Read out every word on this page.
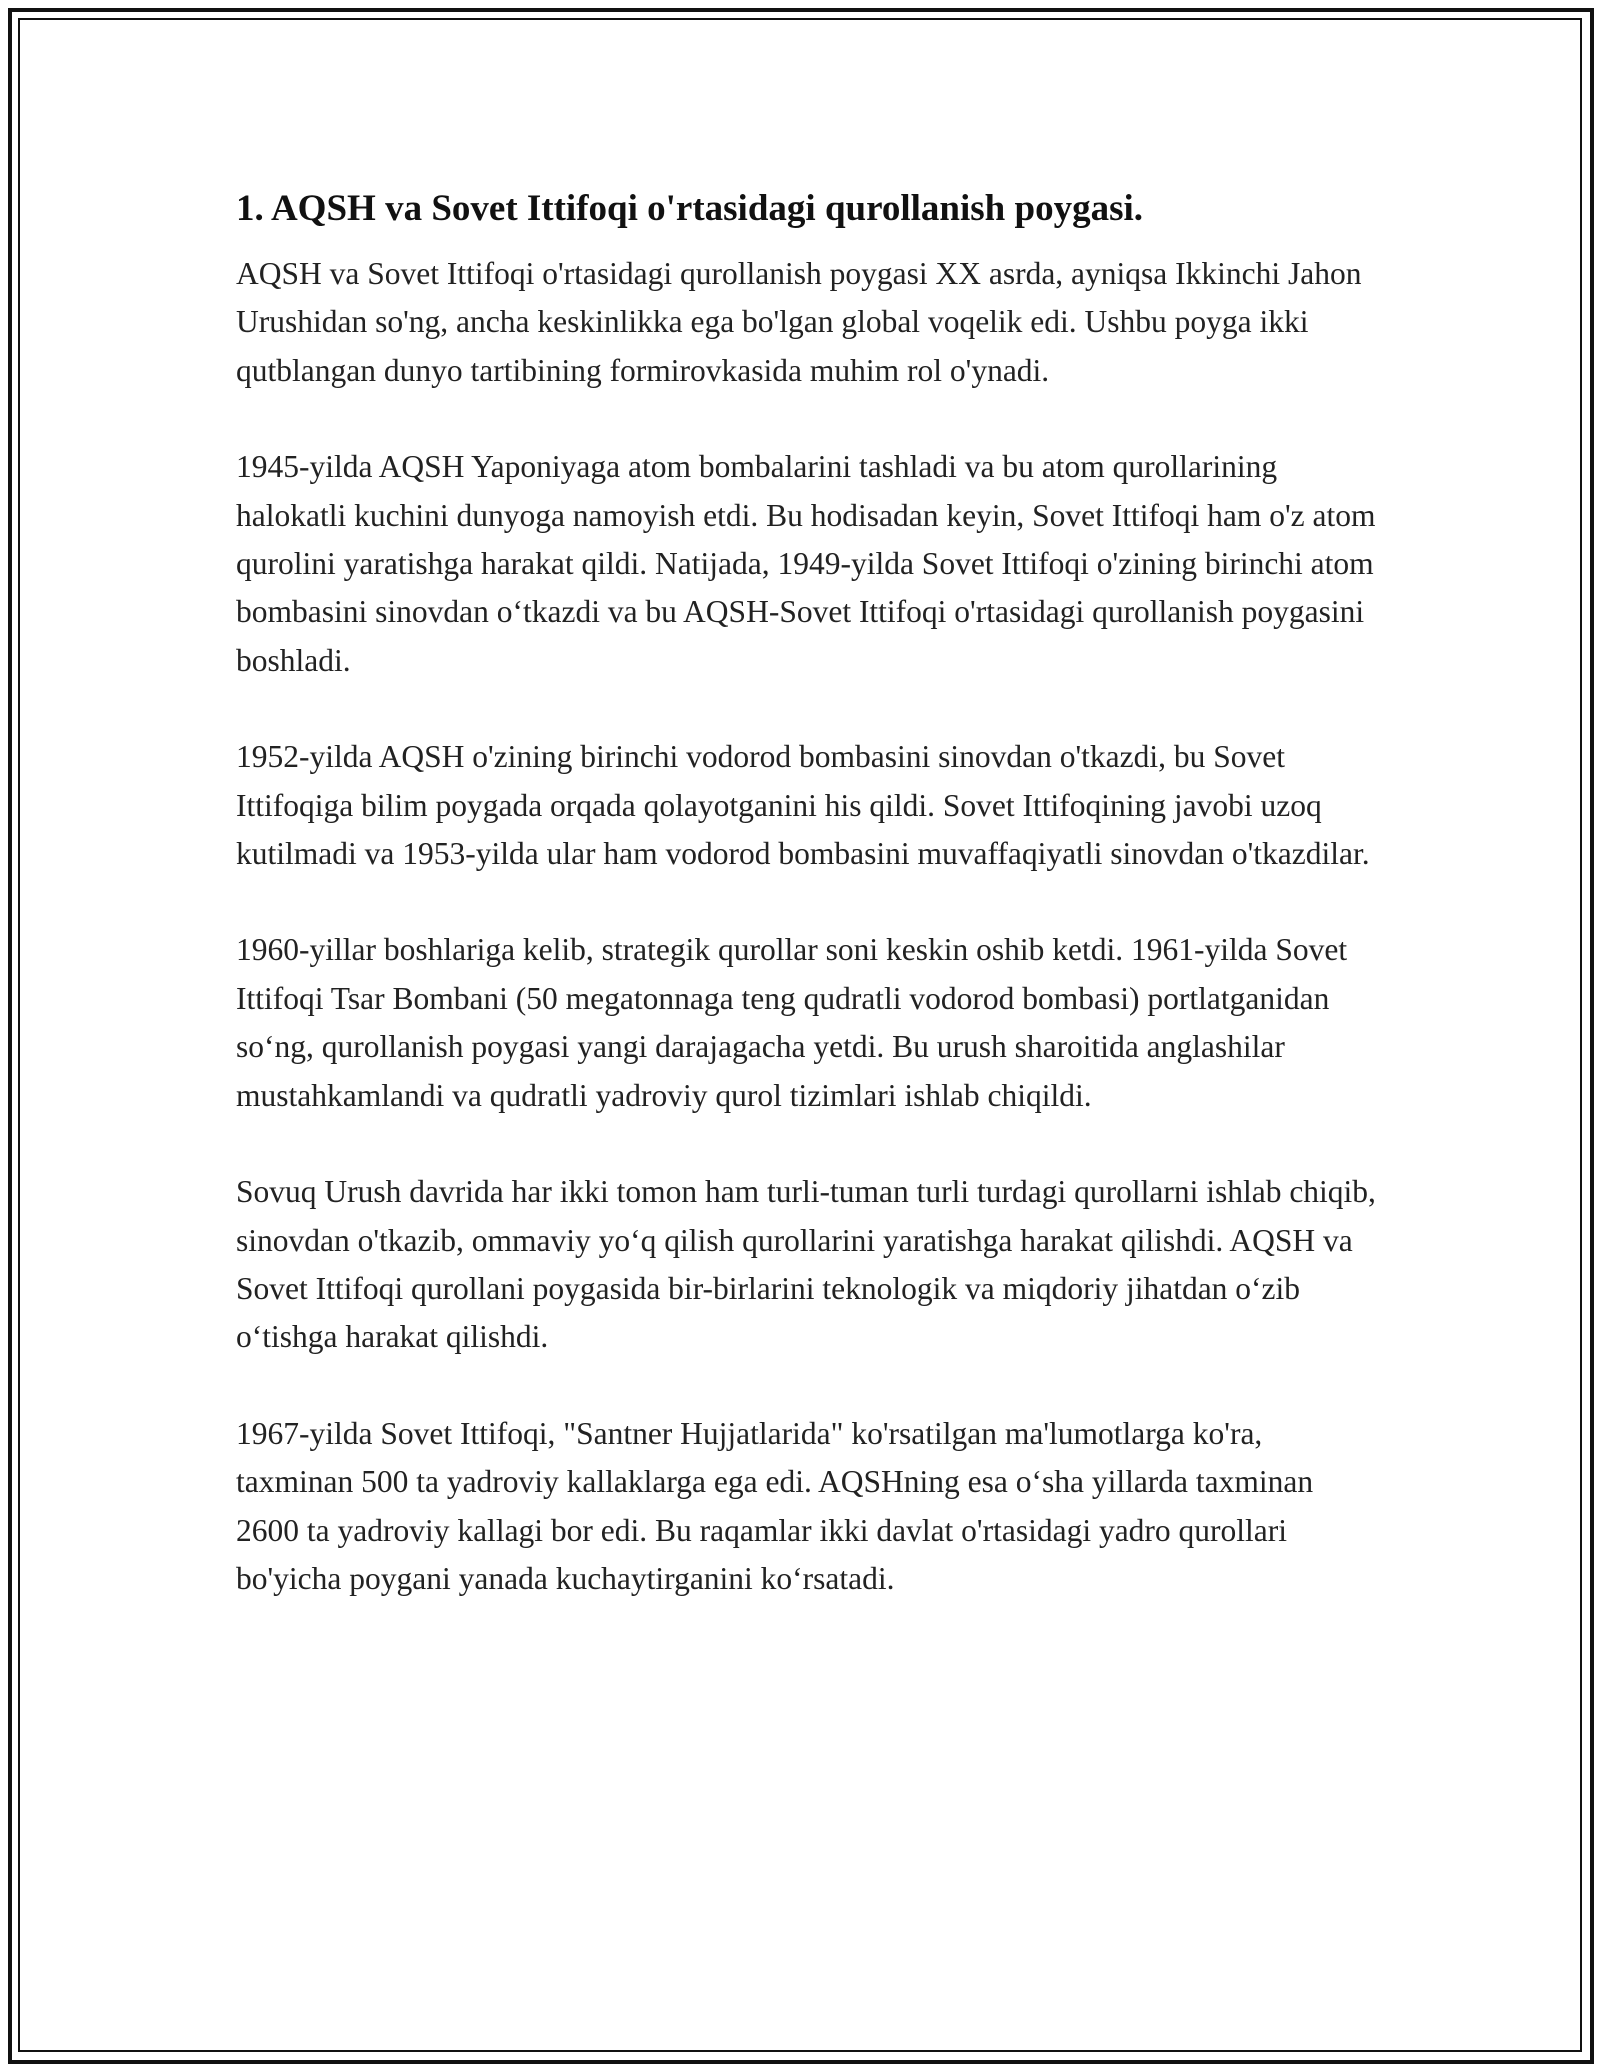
1. AQSH va Sovet Ittifoqi o'rtasidagi qurollanish poygasi.

AQSH va Sovet Ittifoqi o'rtasidagi qurollanish poygasi XX asrda, ayniqsa Ikkinchi Jahon Urushidan so'ng, ancha keskinlikka ega bo'lgan global voqelik edi. Ushbu poyga ikki qutblangan dunyo tartibining formirovkasida muhim rol o'ynadi.

1945-yilda AQSH Yaponiyaga atom bombalarini tashladi va bu atom qurollarining halokatli kuchini dunyoga namoyish etdi. Bu hodisadan keyin, Sovet Ittifoqi ham o'z atom qurolini yaratishga harakat qildi. Natijada, 1949-yilda Sovet Ittifoqi o'zining birinchi atom bombasini sinovdan o‘tkazdi va bu AQSH-Sovet Ittifoqi o'rtasidagi qurollanish poygasini boshladi.

1952-yilda AQSH o'zining birinchi vodorod bombasini sinovdan o'tkazdi, bu Sovet Ittifoqiga bilim poygada orqada qolayotganini his qildi. Sovet Ittifoqining javobi uzoq kutilmadi va 1953-yilda ular ham vodorod bombasini muvaffaqiyatli sinovdan o'tkazdilar.

1960-yillar boshlariga kelib, strategik qurollar soni keskin oshib ketdi. 1961-yilda Sovet Ittifoqi Tsar Bombani (50 megatonnaga teng qudratli vodorod bombasi) portlatganidan so‘ng, qurollanish poygasi yangi darajagacha yetdi. Bu urush sharoitida anglashilar mustahkamlandi va qudratli yadroviy qurol tizimlari ishlab chiqildi.

Sovuq Urush davrida har ikki tomon ham turli-tuman turli turdagi qurollarni ishlab chiqib, sinovdan o'tkazib, ommaviy yo‘q qilish qurollarini yaratishga harakat qilishdi. AQSH va Sovet Ittifoqi qurollani poygasida bir-birlarini teknologik va miqdoriy jihatdan o‘zib o‘tishga harakat qilishdi.

1967-yilda Sovet Ittifoqi, "Santner Hujjatlarida" ko'rsatilgan ma'lumotlarga ko'ra, taxminan 500 ta yadroviy kallaklarga ega edi. AQSHning esa o‘sha yillarda taxminan 2600 ta yadroviy kallagi bor edi. Bu raqamlar ikki davlat o'rtasidagi yadro qurollari bo'yicha poygani yanada kuchaytirganini ko‘rsatadi.
